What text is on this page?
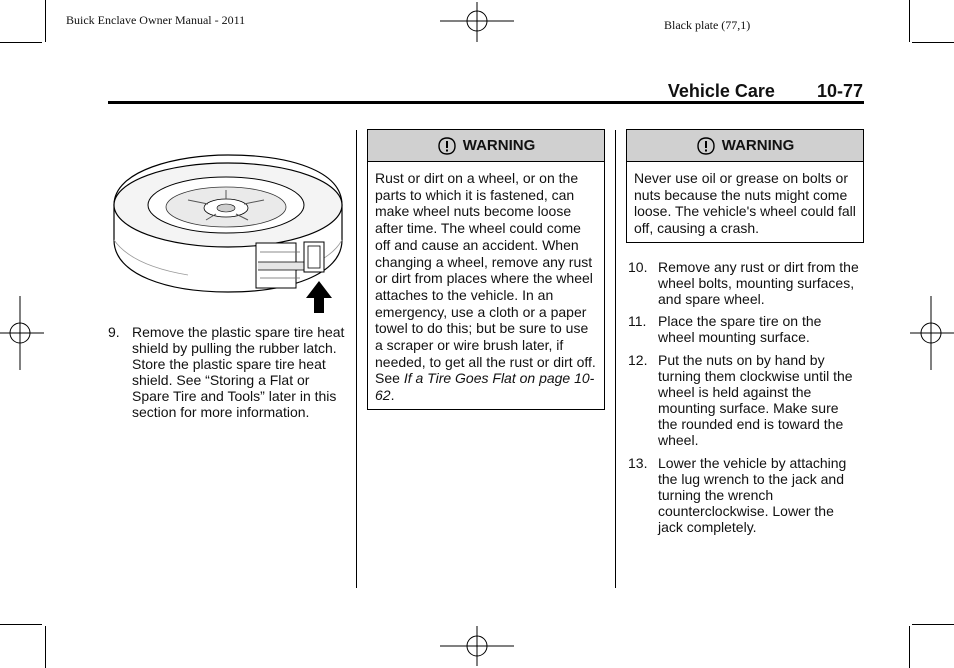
Buick Enclave Owner Manual - 2011	Black plate (77,1)
Vehicle Care 10-77
9. Remove the plastic spare tire heat shield by pulling the rubber latch. Store the plastic spare tire heat shield. See “Storing a Flat or Spare Tire and Tools” later in this section for more information.
WARNING
Rust or dirt on a wheel, or on the parts to which it is fastened, can make wheel nuts become loose after time. The wheel could come off and cause an accident. When changing a wheel, remove any rust or dirt from places where the wheel attaches to the vehicle. In an emergency, use a cloth or a paper towel to do this; but be sure to use a scraper or wire brush later, if needed, to get all the rust or dirt off. See If a Tire Goes Flat on page 10-62.
WARNING
Never use oil or grease on bolts or nuts because the nuts might come loose. The vehicle's wheel could fall off, causing a crash.
10. Remove any rust or dirt from the wheel bolts, mounting surfaces, and spare wheel.
11. Place the spare tire on the wheel mounting surface.
12. Put the nuts on by hand by turning them clockwise until the wheel is held against the mounting surface. Make sure the rounded end is toward the wheel.
13. Lower the vehicle by attaching the lug wrench to the jack and turning the wrench counterclockwise. Lower the jack completely.
